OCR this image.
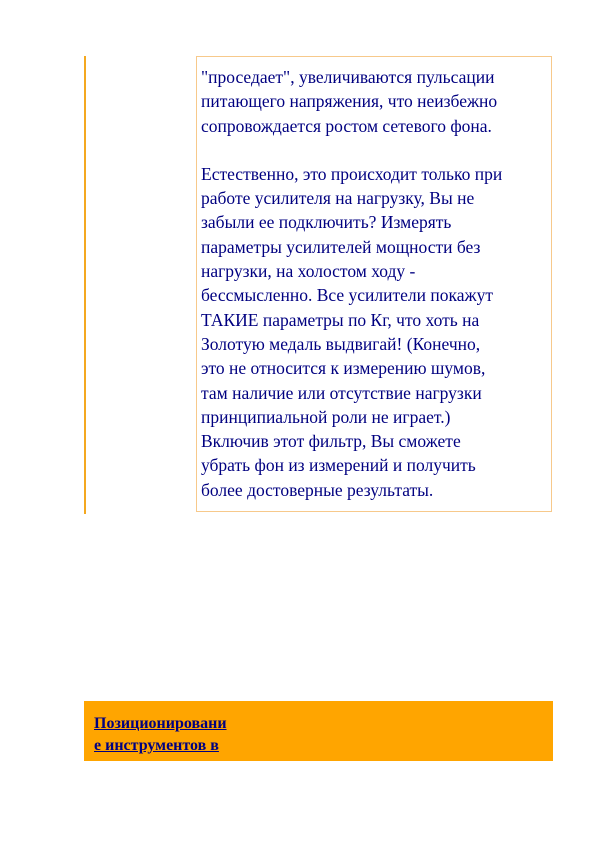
"проседает", увеличиваются пульсации
питающего напряжения, что неизбежно
сопровождается ростом сетевого фона.

Естественно, это происходит только при
работе усилителя на нагрузку, Вы не
забыли ее подключить? Измерять
параметры усилителей мощности без
нагрузки, на холостом ходу -
бессмысленно. Все усилители покажут
ТАКИЕ параметры по Кг, что хоть на
Золотую медаль выдвигай! (Конечно,
это не относится к измерению шумов,
там наличие или отсутствие нагрузки
принципиальной роли не играет.)
Включив этот фильтр, Вы сможете
убрать фон из измерений и получить
более достоверные результаты.

Позиционировани
е инструментов в
